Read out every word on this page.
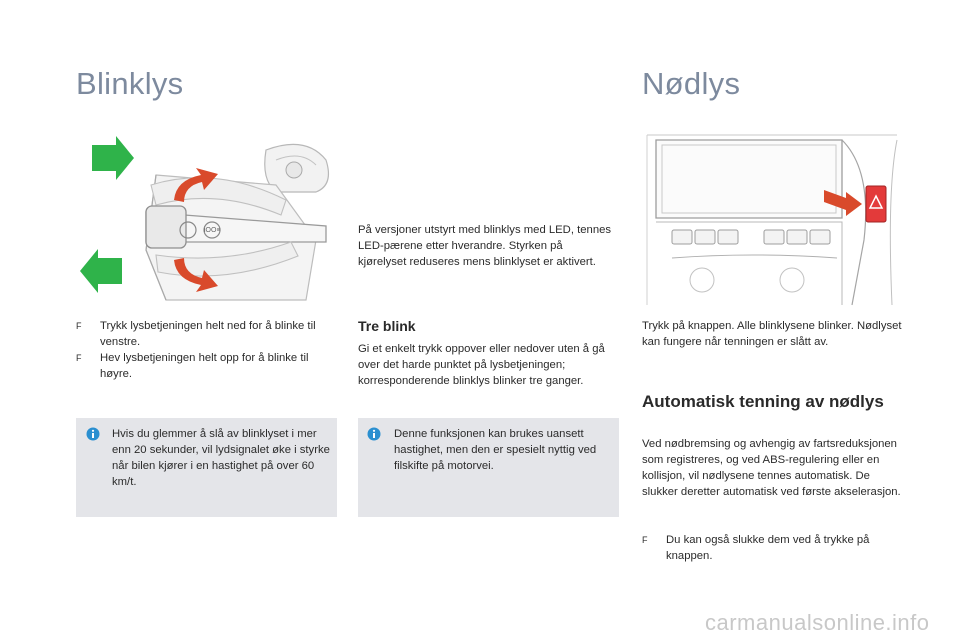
Blinklys
iOO≡
F Trykk lysbetjeningen helt ned for å blinke til venstre.
F Hev lysbetjeningen helt opp for å blinke til høyre.

Hvis du glemmer å slå av blinklyset i mer enn 20 sekunder, vil lydsignalet øke i styrke når bilen kjører i en hastighet på over 60 km/t.

På versjoner utstyrt med blinklys med LED, tennes LED-pærene etter hverandre. Styrken på kjørelyset reduseres mens blinklyset er aktivert.

Tre blink

Gi et enkelt trykk oppover eller nedover uten å gå over det harde punktet på lysbetjeningen; korresponderende blinklys blinker tre ganger.

Denne funksjonen kan brukes uansett hastighet, men den er spesielt nyttig ved filskifte på motorvei.

Nødlys

Trykk på knappen. Alle blinklysene blinker. Nødlyset kan fungere når tenningen er slått av.

Automatisk tenning av nødlys

Ved nødbremsing og avhengig av fartsreduksjonen som registreres, og ved ABS-regulering eller en kollisjon, vil nødlysene tennes automatisk. De slukker deretter automatisk ved første akselerasjon.

F Du kan også slukke dem ved å trykke på knappen.
carmanualsonline.info
